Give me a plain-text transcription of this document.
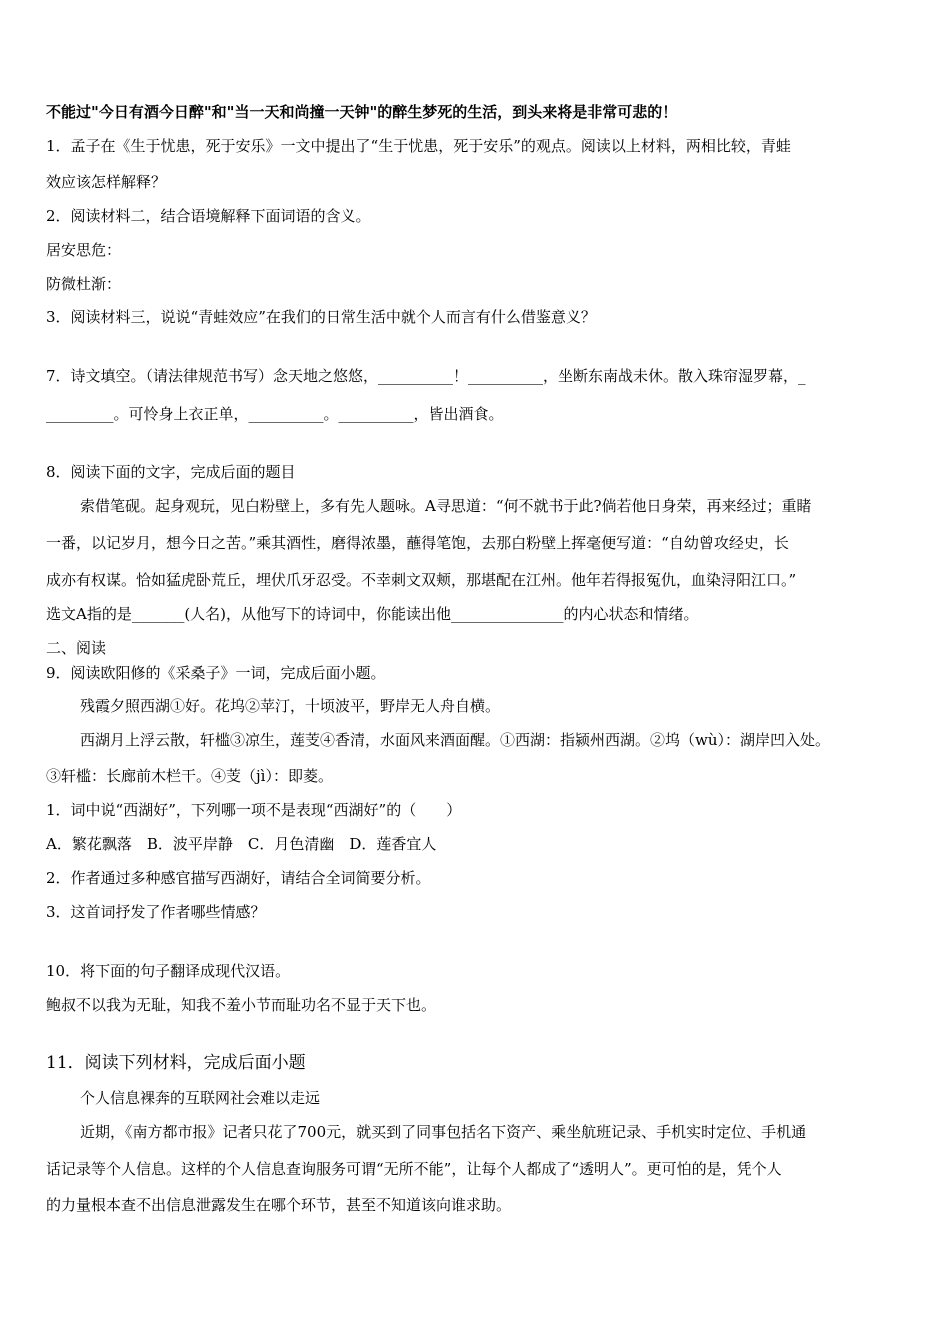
不能过"今日有酒今日醉"和"当一天和尚撞一天钟"的醉生梦死的生活，到头来将是非常可悲的！
1．孟子在《生于忧患，死于安乐》一文中提出了“生于忧患，死于安乐”的观点。阅读以上材料，两相比较，青蛙
效应该怎样解释？
2．阅读材料二，结合语境解释下面词语的含义。
居安思危：
防微杜渐：
3．阅读材料三，说说“青蛙效应”在我们的日常生活中就个人而言有什么借鉴意义？
7．诗文填空。（请法律规范书写）念天地之悠悠，__________！__________，坐断东南战未休。散入珠帘湿罗幕，_
_________。可怜身上衣正单，__________。__________，皆出酒食。
8．阅读下面的文字，完成后面的题目
索借笔砚。起身观玩，见白粉壁上，多有先人题咏。A寻思道：“何不就书于此?倘若他日身荣，再来经过；重睹
一番，以记岁月，想今日之苦。”乘其酒性，磨得浓墨，蘸得笔饱，去那白粉壁上挥毫便写道：“自幼曾攻经史，长
成亦有权谋。恰如猛虎卧荒丘，埋伏爪牙忍受。不幸刺文双颊，那堪配在江州。他年若得报冤仇，血染浔阳江口。”
选文A指的是_______(人名)，从他写下的诗词中，你能读出他_______________的内心状态和情绪。
二、阅读
9．阅读欧阳修的《采桑子》一词，完成后面小题。
残霞夕照西湖①好。花坞②苹汀，十顷波平，野岸无人舟自横。
西湖月上浮云散，轩槛③凉生，莲芰④香清，水面风来酒面醒。①西湖：指颍州西湖。②坞（wù）：湖岸凹入处。
③轩槛：长廊前木栏干。④芰（jì）：即菱。
1．词中说“西湖好”，下列哪一项不是表现“西湖好”的（　　）
A．繁花飘落　B．波平岸静　C．月色清幽　D．莲香宜人
2．作者通过多种感官描写西湖好，请结合全词简要分析。
3．这首词抒发了作者哪些情感？
10．将下面的句子翻译成现代汉语。
鲍叔不以我为无耻，知我不羞小节而耻功名不显于天下也。
11．阅读下列材料，完成后面小题
个人信息裸奔的互联网社会难以走远
近期，《南方都市报》记者只花了700元，就买到了同事包括名下资产、乘坐航班记录、手机实时定位、手机通
话记录等个人信息。这样的个人信息查询服务可谓“无所不能”，让每个人都成了“透明人”。更可怕的是，凭个人
的力量根本查不出信息泄露发生在哪个环节，甚至不知道该向谁求助。
